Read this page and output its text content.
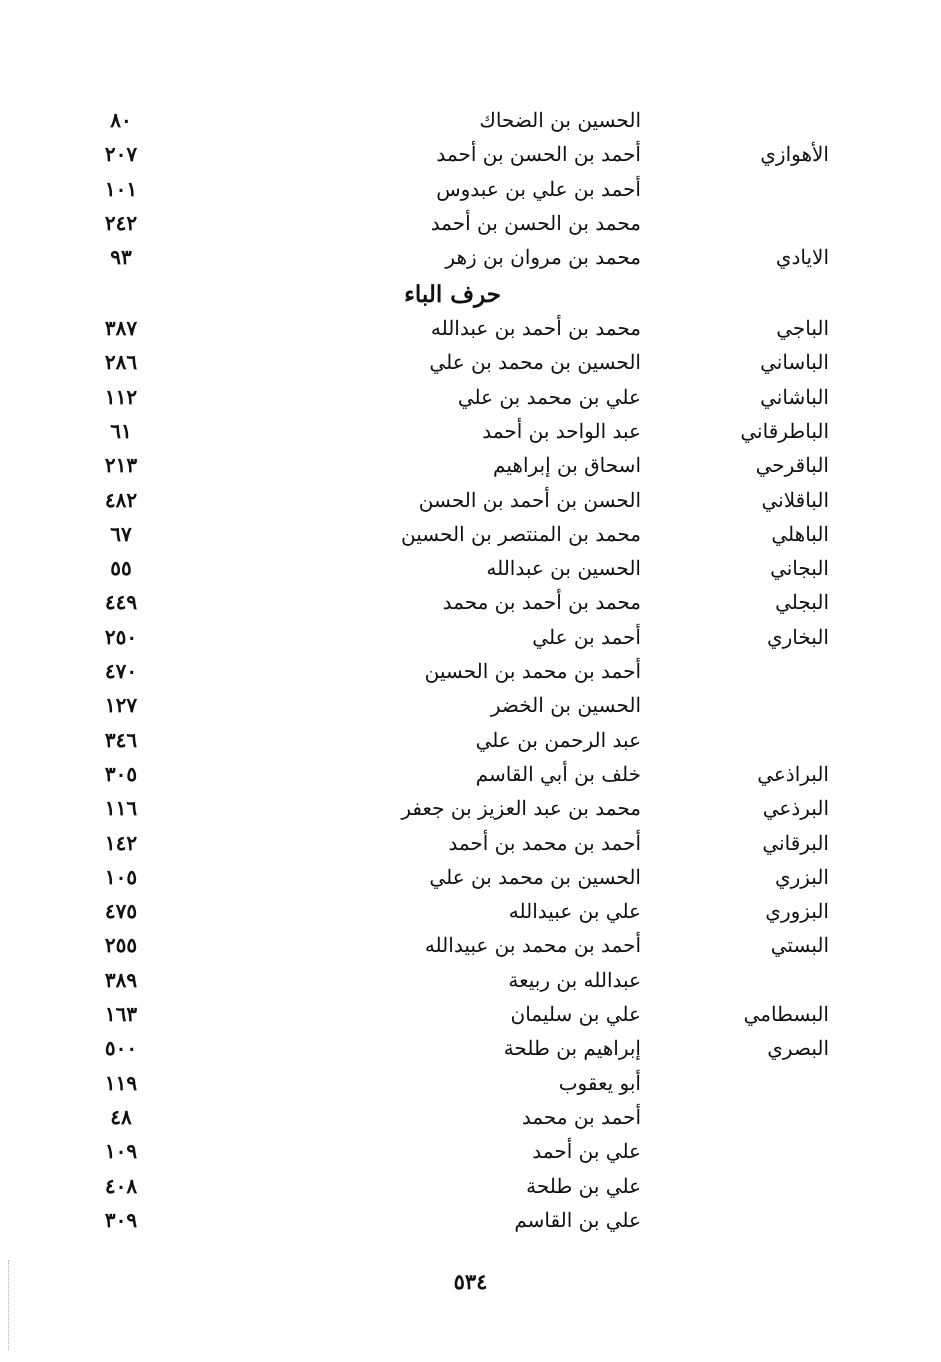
الحسين بن الضحاك
٨٠
الأهوازي
أحمد بن الحسن بن أحمد
٢٠٧
أحمد بن علي بن عبدوس
١٠١
محمد بن الحسن بن أحمد
٢٤٢
الايادي
محمد بن مروان بن زهر
٩٣
حرف الباء
الباجي
محمد بن أحمد بن عبدالله
٣٨٧
الباساني
الحسين بن محمد بن علي
٢٨٦
الباشاني
علي بن محمد بن علي
١١٢
الباطرقاني
عبد الواحد بن أحمد
٦١
الباقرحي
اسحاق بن إبراهيم
٢١٣
الباقلاني
الحسن بن أحمد بن الحسن
٤٨٢
الباهلي
محمد بن المنتصر بن الحسين
٦٧
البجاني
الحسين بن عبدالله
٥٥
البجلي
محمد بن أحمد بن محمد
٤٤٩
البخاري
أحمد بن علي
٢٥٠
أحمد بن محمد بن الحسين
٤٧٠
الحسين بن الخضر
١٢٧
عبد الرحمن بن علي
٣٤٦
البراذعي
خلف بن أبي القاسم
٣٠٥
البرذعي
محمد بن عبد العزيز بن جعفر
١١٦
البرقاني
أحمد بن محمد بن أحمد
١٤٢
البزري
الحسين بن محمد بن علي
١٠٥
البزوري
علي بن عبيدالله
٤٧٥
البستي
أحمد بن محمد بن عبيدالله
٢٥٥
عبدالله بن ربيعة
٣٨٩
البسطامي
علي بن سليمان
١٦٣
البصري
إبراهيم بن طلحة
٥٠٠
أبو يعقوب
١١٩
أحمد بن محمد
٤٨
علي بن أحمد
١٠٩
علي بن طلحة
٤٠٨
علي بن القاسم
٣٠٩
٥٣٤
